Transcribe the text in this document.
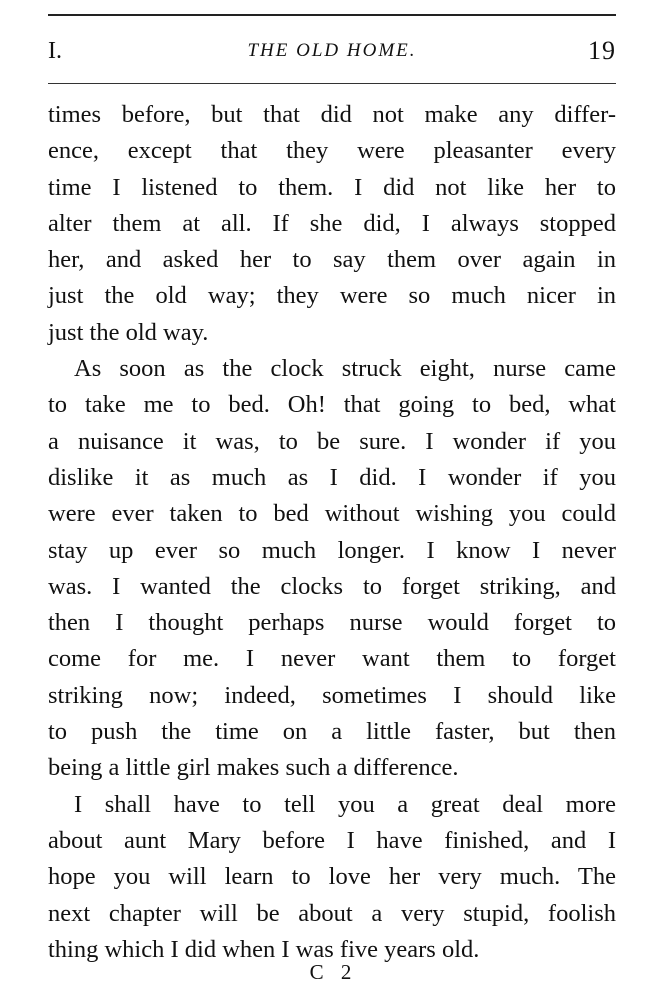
I.	THE OLD HOME.	19
times before, but that did not make any differ-
ence, except that they were pleasanter every
time I listened to them. I did not like her to
alter them at all. If she did, I always stopped
her, and asked her to say them over again in
just the old way; they were so much nicer in
just the old way.
As soon as the clock struck eight, nurse came
to take me to bed. Oh! that going to bed, what
a nuisance it was, to be sure. I wonder if you
dislike it as much as I did. I wonder if you
were ever taken to bed without wishing you could
stay up ever so much longer. I know I never
was. I wanted the clocks to forget striking, and
then I thought perhaps nurse would forget to
come for me. I never want them to forget
striking now; indeed, sometimes I should like
to push the time on a little faster, but then
being a little girl makes such a difference.
I shall have to tell you a great deal more
about aunt Mary before I have finished, and I
hope you will learn to love her very much. The
next chapter will be about a very stupid, foolish
thing which I did when I was five years old.
C 2
